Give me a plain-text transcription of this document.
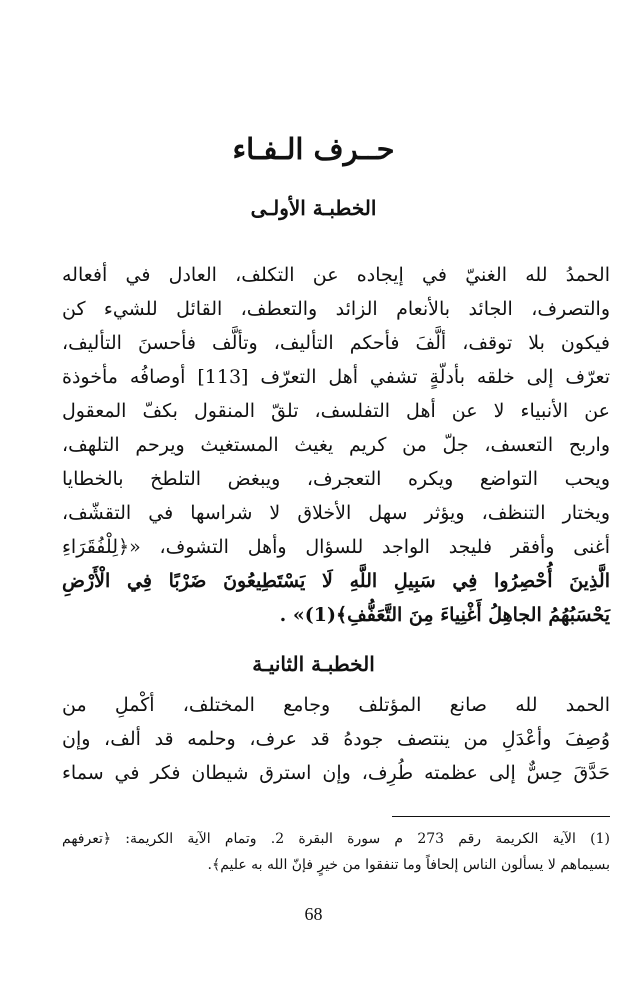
حــرف الـفـاء
الخطبـة الأولـى
الحمدُ لله الغنيّ في إيجاده عن التكلف، العادل في أفعاله
والتصرف، الجائد بالأنعام الزائد والتعطف، القائل للشيء كن
فيكون بلا توقف، ألَّفَ فأحكم التأليف، وتألَّف فأحسنَ التأليف،
تعرّف إلى خلقه بأدلّةٍ تشفي أهل التعرّف [113] أوصافُه مأخوذة
عن الأنبياء لا عن أهل التفلسف، تلقّ المنقول بكفّ المعقول
واربح التعسف، جلّ من كريم يغيث المستغيث ويرحم التلهف،
ويحب التواضع ويكره التعجرف، ويبغض التلطخ بالخطايا
ويختار التنظف، ويؤثر سهل الأخلاق لا شراسها في التقشّف،
أغنى وأفقر فليجد الواجد للسؤال وأهل التشوف، «﴿لِلْفُقَرَاءِ
الَّذِينَ أُحْصِرُوا فِي سَبِيلِ اللَّهِ لَا يَسْتَطِيعُونَ ضَرْبًا فِي الْأَرْضِ
يَحْسَبُهُمُ الجاهِلُ أَغْنِياءَ مِنَ التَّعَفُّفِ﴾(1)» .
الخطبـة الثانيـة
الحمد لله صانع المؤتلف وجامع المختلف، أكْملِ من
وُصِفَ وأعْدَلِ من ينتصف جودهُ قد عرف، وحلمه قد ألف، وإن
حَدَّقَ حِسٌّ إلى عظمته طُرِف، وإن استرق شيطان فكر في سماء
(1) الآية الكريمة رقم 273 م سورة البقرة 2. وتمام الآية الكريمة: ﴿تعرفهم
بسيماهم لا يسألون الناس إلحافاً وما تنفقوا من خيرٍ فإنّ الله به عليم﴾.
68
